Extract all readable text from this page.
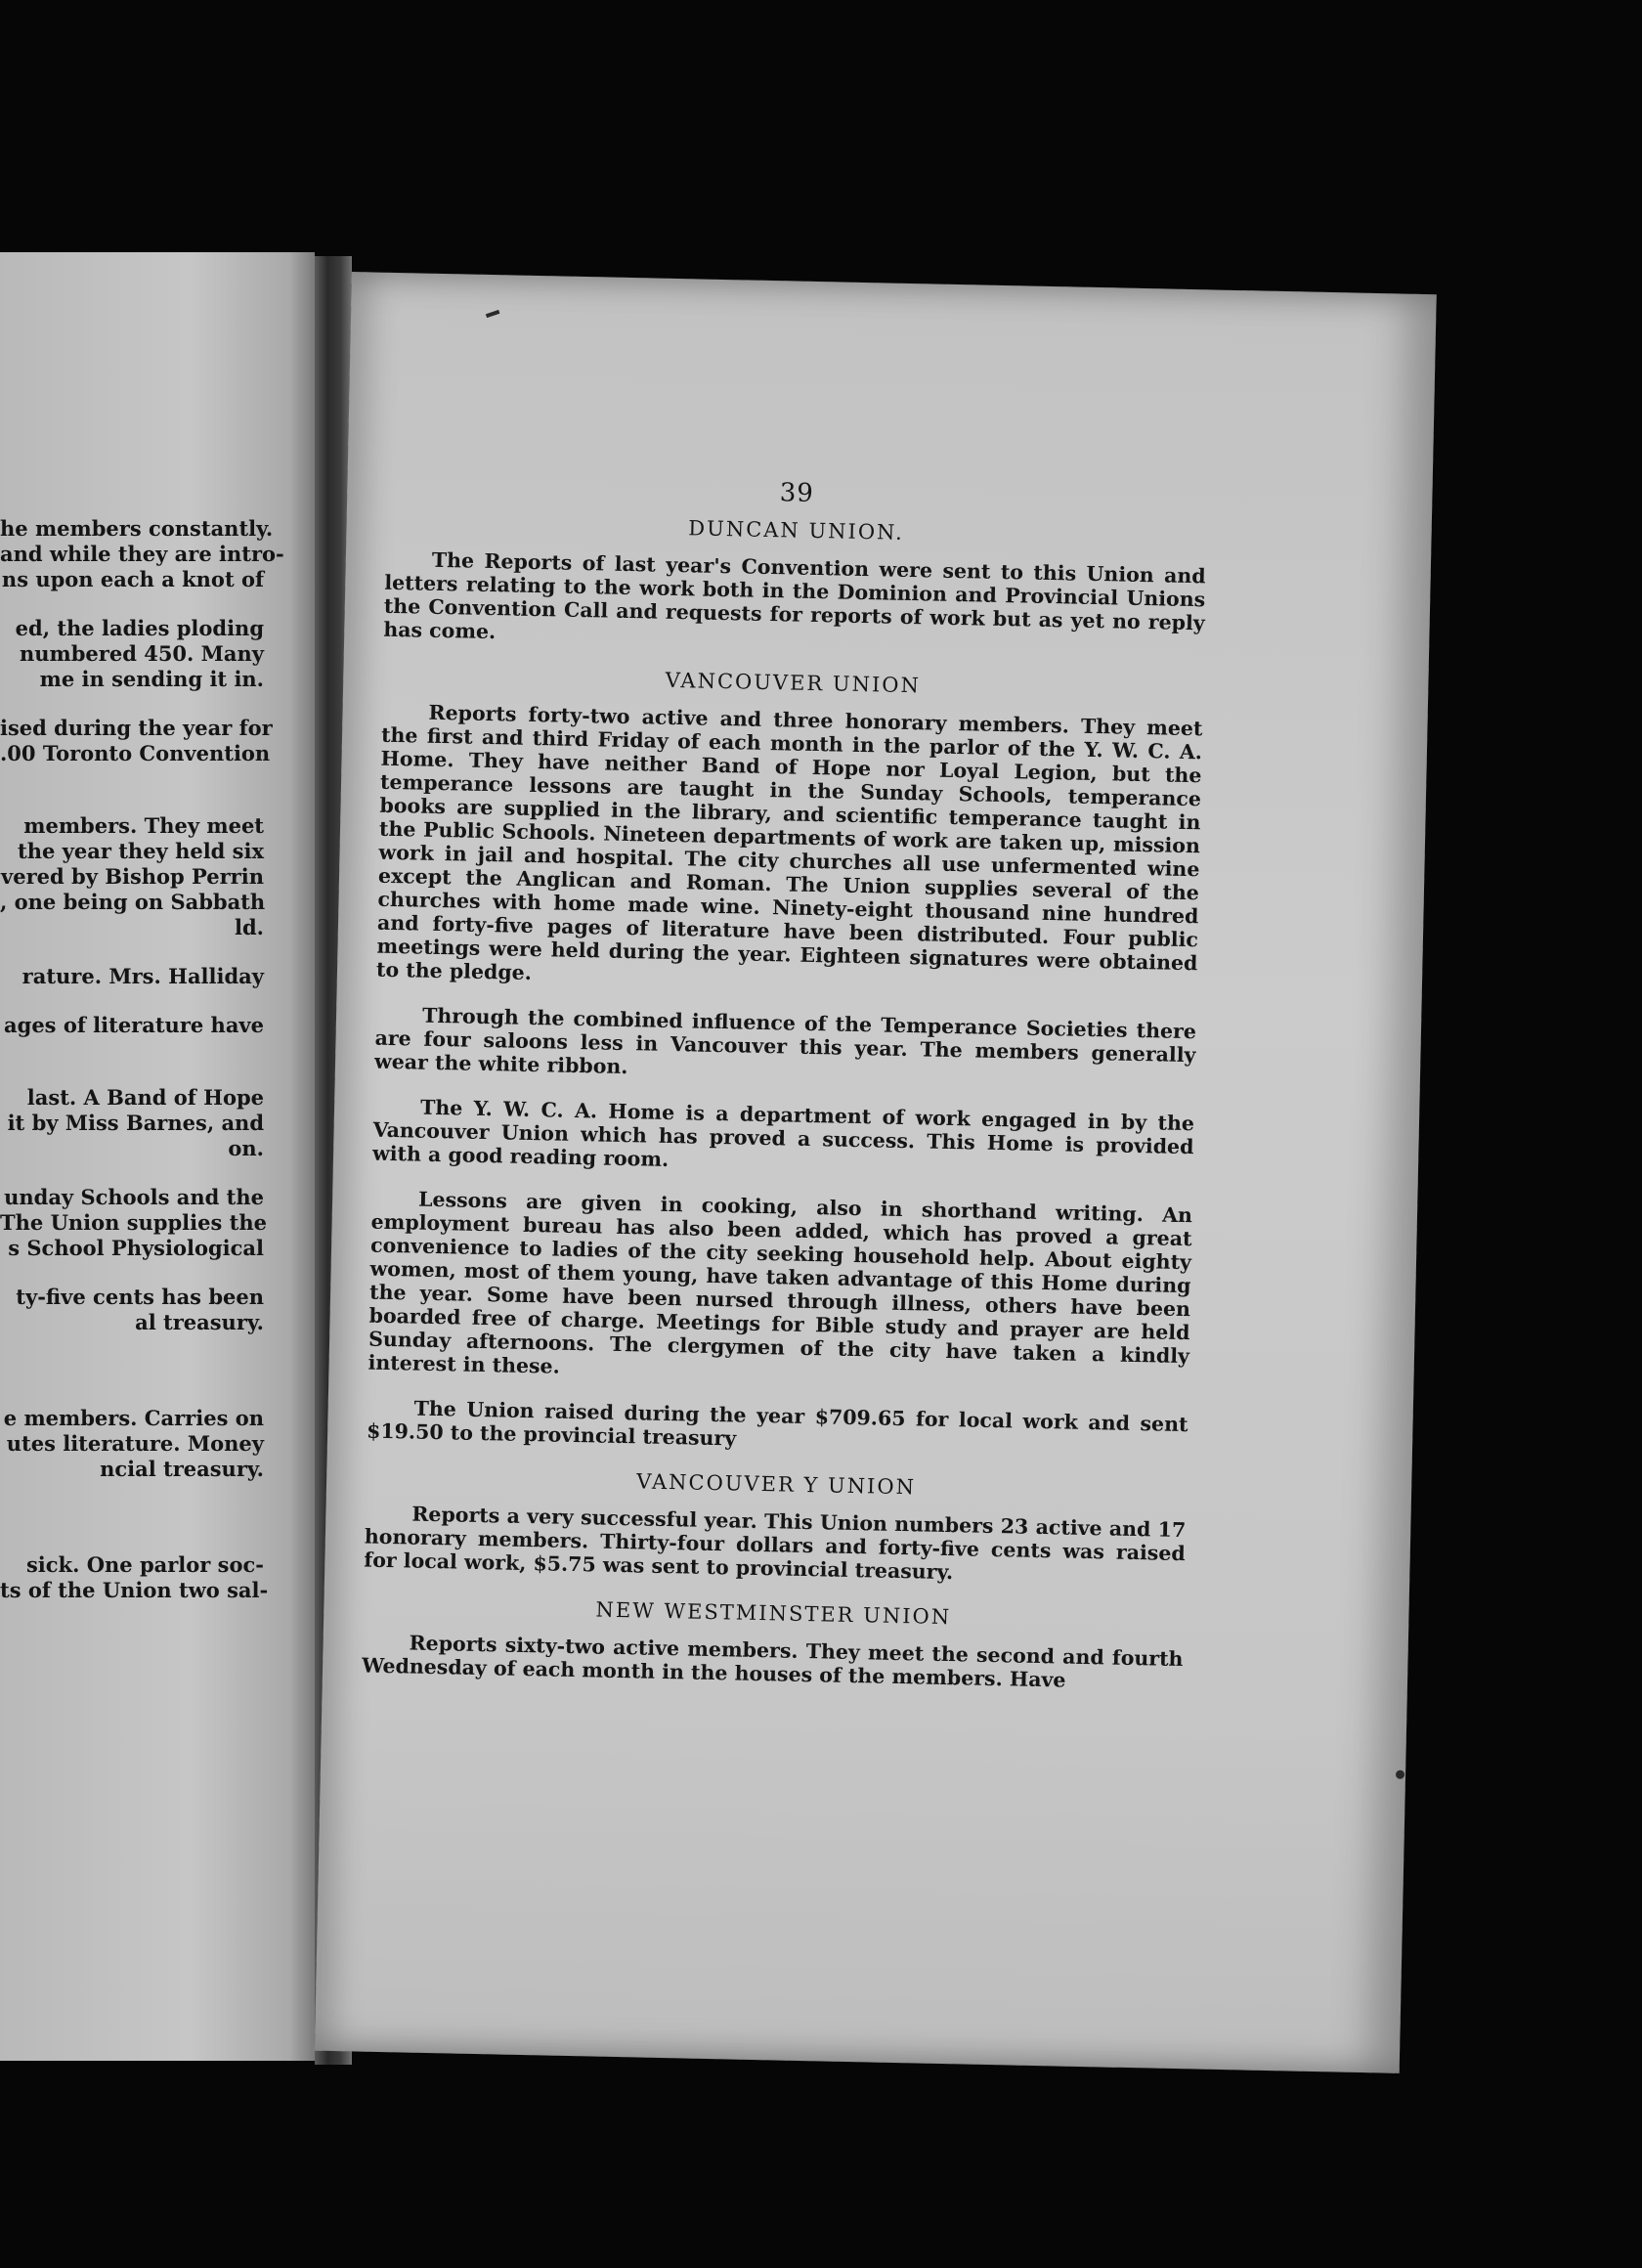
he members constantly.
and while they are intro-
ns upon each a knot of
ed, the ladies ploding
numbered 450. Many
me in sending it in.
ised during the year for
.00 Toronto Convention
members. They meet
the year they held six
vered by Bishop Perrin
, one being on Sabbath
ld.
rature. Mrs. Halliday
ages of literature have
last. A Band of Hope
it by Miss Barnes, and
on.
unday Schools and the
The Union supplies the
s School Physiological
ty-five cents has been
al treasury.
e members. Carries on
utes literature. Money
ncial treasury.
sick. One parlor soc-
ts of the Union two sal-
39
DUNCAN UNION.

The Reports of last year's Convention were sent to this Union and letters relating to the work both in the Dominion and Provincial Unions the Convention Call and requests for reports of work but as yet no reply has come.

VANCOUVER UNION

Reports forty-two active and three honorary members. They meet the first and third Friday of each month in the parlor of the Y. W. C. A. Home. They have neither Band of Hope nor Loyal Legion, but the temperance lessons are taught in the Sunday Schools, temperance books are supplied in the library, and scientific temperance taught in the Public Schools. Nineteen departments of work are taken up, mission work in jail and hospital. The city churches all use unfermented wine except the Anglican and Roman. The Union supplies several of the churches with home made wine. Ninety-eight thousand nine hundred and forty-five pages of literature have been distributed. Four public meetings were held during the year. Eighteen signatures were obtained to the pledge.

Through the combined influence of the Temperance Societies there are four saloons less in Vancouver this year. The members generally wear the white ribbon.

The Y. W. C. A. Home is a department of work engaged in by the Vancouver Union which has proved a success. This Home is provided with a good reading room.

Lessons are given in cooking, also in shorthand writing. An employment bureau has also been added, which has proved a great convenience to ladies of the city seeking household help. About eighty women, most of them young, have taken advantage of this Home during the year. Some have been nursed through illness, others have been boarded free of charge. Meetings for Bible study and prayer are held Sunday afternoons. The clergymen of the city have taken a kindly interest in these.

The Union raised during the year $709.65 for local work and sent $19.50 to the provincial treasury

VANCOUVER Y UNION

Reports a very successful year. This Union numbers 23 active and 17 honorary members. Thirty-four dollars and forty-five cents was raised for local work, $5.75 was sent to provincial treasury.

NEW WESTMINSTER UNION

Reports sixty-two active members. They meet the second and fourth Wednesday of each month in the houses of the members. Have
